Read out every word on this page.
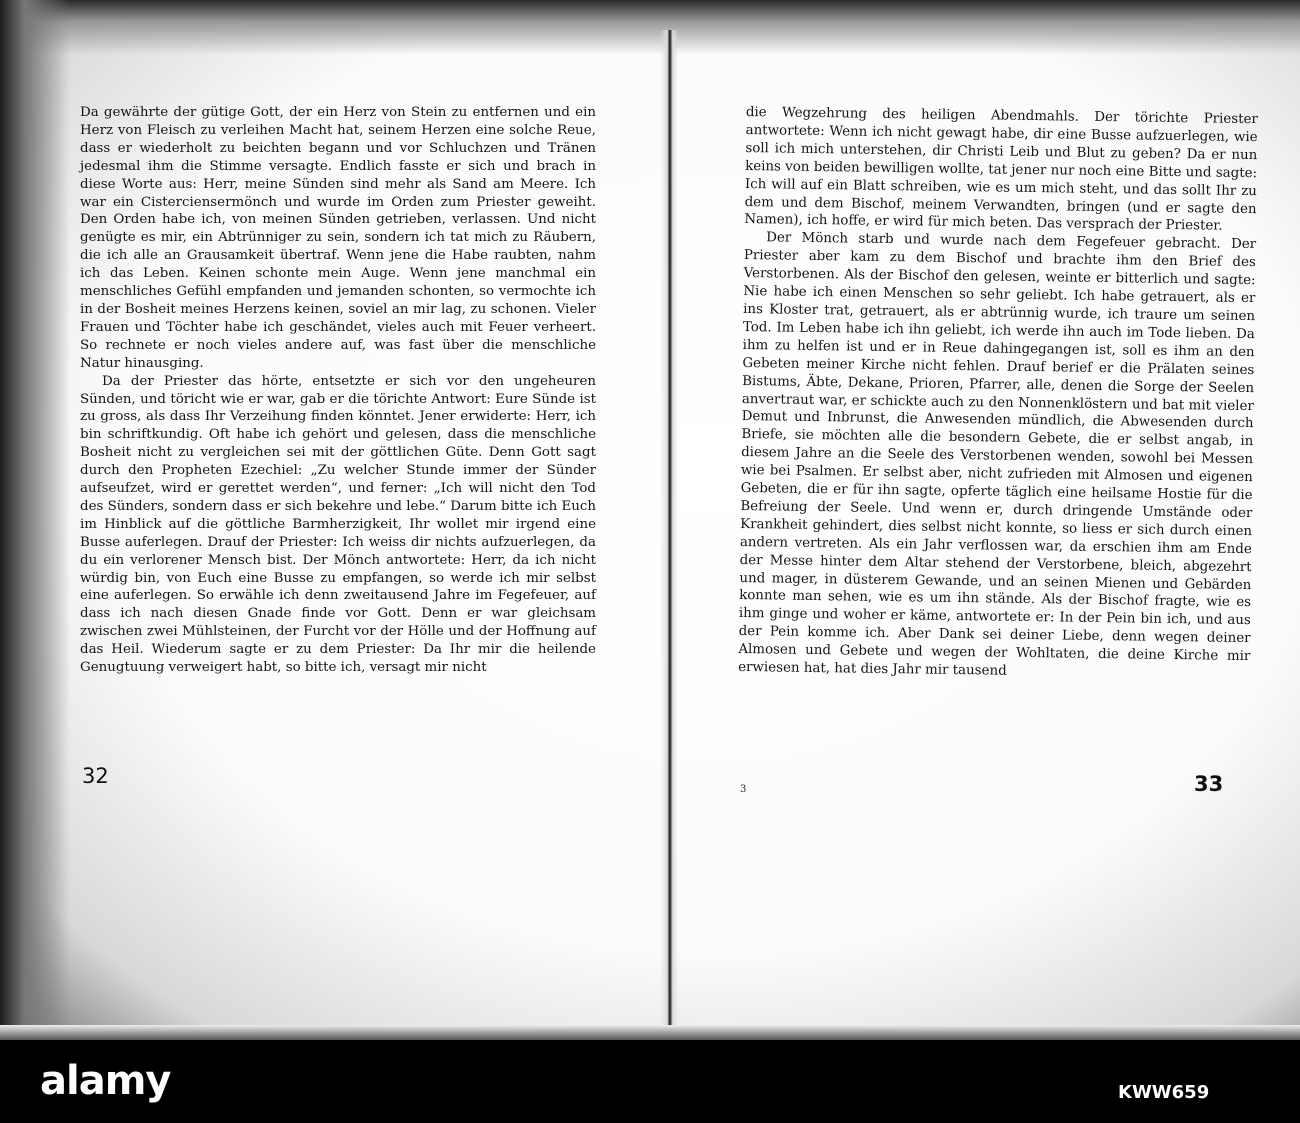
Da gewährte der gütige Gott, der ein Herz von Stein zu entfernen und ein Herz von Fleisch zu verleihen Macht hat, seinem Herzen eine solche Reue, dass er wiederholt zu beichten begann und vor Schluchzen und Tränen jedesmal ihm die Stimme versagte. Endlich fasste er sich und brach in diese Worte aus: Herr, meine Sünden sind mehr als Sand am Meere. Ich war ein Cisterciensermönch und wurde im Orden zum Priester geweiht. Den Orden habe ich, von meinen Sünden getrieben, verlassen. Und nicht genügte es mir, ein Abtrünniger zu sein, sondern ich tat mich zu Räubern, die ich alle an Grausamkeit übertraf. Wenn jene die Habe raubten, nahm ich das Leben. Keinen schonte mein Auge. Wenn jene manchmal ein menschliches Gefühl empfanden und jemanden schonten, so vermochte ich in der Bosheit meines Herzens keinen, soviel an mir lag, zu schonen. Vieler Frauen und Töchter habe ich geschändet, vieles auch mit Feuer verheert. So rechnete er noch vieles andere auf, was fast über die menschliche Natur hinausging.

Da der Priester das hörte, entsetzte er sich vor den ungeheuren Sünden, und töricht wie er war, gab er die törichte Antwort: Eure Sünde ist zu gross, als dass Ihr Verzeihung finden könntet. Jener erwiderte: Herr, ich bin schriftkundig. Oft habe ich gehört und gelesen, dass die menschliche Bosheit nicht zu vergleichen sei mit der göttlichen Güte. Denn Gott sagt durch den Propheten Ezechiel: „Zu welcher Stunde immer der Sünder aufseufzet, wird er gerettet werden“, und ferner: „Ich will nicht den Tod des Sünders, sondern dass er sich bekehre und lebe.“ Darum bitte ich Euch im Hinblick auf die göttliche Barmherzigkeit, Ihr wollet mir irgend eine Busse auferlegen. Drauf der Priester: Ich weiss dir nichts aufzuerlegen, da du ein verlorener Mensch bist. Der Mönch antwortete: Herr, da ich nicht würdig bin, von Euch eine Busse zu empfangen, so werde ich mir selbst eine auferlegen. So erwähle ich denn zweitausend Jahre im Fegefeuer, auf dass ich nach diesen Gnade finde vor Gott. Denn er war gleichsam zwischen zwei Mühlsteinen, der Furcht vor der Hölle und der Hoffnung auf das Heil. Wiederum sagte er zu dem Priester: Da Ihr mir die heilende Genugtuung verweigert habt, so bitte ich, versagt mir nicht

32

die Wegzehrung des heiligen Abendmahls. Der törichte Priester antwortete: Wenn ich nicht gewagt habe, dir eine Busse aufzuerlegen, wie soll ich mich unterstehen, dir Christi Leib und Blut zu geben? Da er nun keins von beiden bewilligen wollte, tat jener nur noch eine Bitte und sagte: Ich will auf ein Blatt schreiben, wie es um mich steht, und das sollt Ihr zu dem und dem Bischof, meinem Verwandten, bringen (und er sagte den Namen), ich hoffe, er wird für mich beten. Das versprach der Priester.

Der Mönch starb und wurde nach dem Fegefeuer gebracht. Der Priester aber kam zu dem Bischof und brachte ihm den Brief des Verstorbenen. Als der Bischof den gelesen, weinte er bitterlich und sagte: Nie habe ich einen Menschen so sehr geliebt. Ich habe getrauert, als er ins Kloster trat, getrauert, als er abtrünnig wurde, ich traure um seinen Tod. Im Leben habe ich ihn geliebt, ich werde ihn auch im Tode lieben. Da ihm zu helfen ist und er in Reue dahingegangen ist, soll es ihm an den Gebeten meiner Kirche nicht fehlen. Drauf berief er die Prälaten seines Bistums, Äbte, Dekane, Prioren, Pfarrer, alle, denen die Sorge der Seelen anvertraut war, er schickte auch zu den Nonnenklöstern und bat mit vieler Demut und Inbrunst, die Anwesenden mündlich, die Abwesenden durch Briefe, sie möchten alle die besondern Gebete, die er selbst angab, in diesem Jahre an die Seele des Verstorbenen wenden, sowohl bei Messen wie bei Psalmen. Er selbst aber, nicht zufrieden mit Almosen und eigenen Gebeten, die er für ihn sagte, opferte täglich eine heilsame Hostie für die Befreiung der Seele. Und wenn er, durch dringende Umstände oder Krankheit gehindert, dies selbst nicht konnte, so liess er sich durch einen andern vertreten. Als ein Jahr verflossen war, da erschien ihm am Ende der Messe hinter dem Altar stehend der Verstorbene, bleich, abgezehrt und mager, in düsterem Gewande, und an seinen Mienen und Gebärden konnte man sehen, wie es um ihn stände. Als der Bischof fragte, wie es ihm ginge und woher er käme, antwortete er: In der Pein bin ich, und aus der Pein komme ich. Aber Dank sei deiner Liebe, denn wegen deiner Almosen und Gebete und wegen der Wohltaten, die deine Kirche mir erwiesen hat, hat dies Jahr mir tausend

3	33
alamy	KWW659
